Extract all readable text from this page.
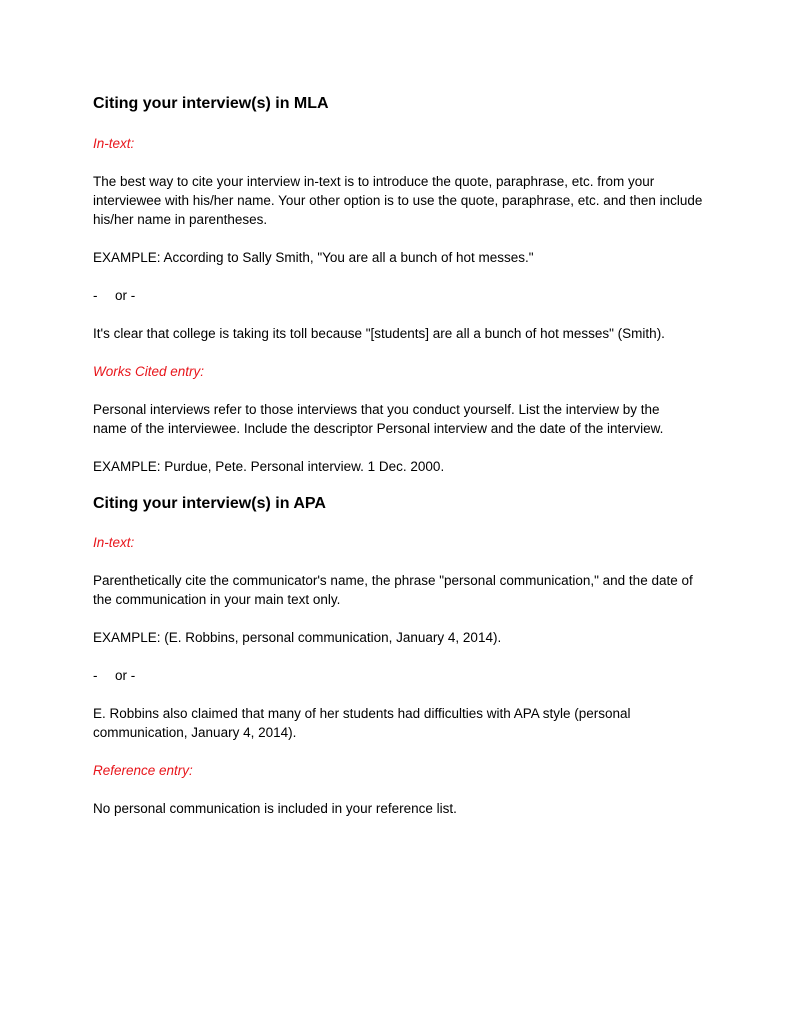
Citing your interview(s) in MLA
In-text:

The best way to cite your interview in-text is to introduce the quote, paraphrase, etc. from your interviewee with his/her name. Your other option is to use the quote, paraphrase, etc. and then include his/her name in parentheses.

EXAMPLE: According to Sally Smith, "You are all a bunch of hot messes."

- or -

It's clear that college is taking its toll because "[students] are all a bunch of hot messes" (Smith).

Works Cited entry:

Personal interviews refer to those interviews that you conduct yourself. List the interview by the name of the interviewee. Include the descriptor Personal interview and the date of the interview.

EXAMPLE: Purdue, Pete. Personal interview. 1 Dec. 2000.

Citing your interview(s) in APA
In-text:

Parenthetically cite the communicator's name, the phrase "personal communication," and the date of the communication in your main text only.

EXAMPLE: (E. Robbins, personal communication, January 4, 2014).

- or -

E. Robbins also claimed that many of her students had difficulties with APA style (personal communication, January 4, 2014).

Reference entry:

No personal communication is included in your reference list.
